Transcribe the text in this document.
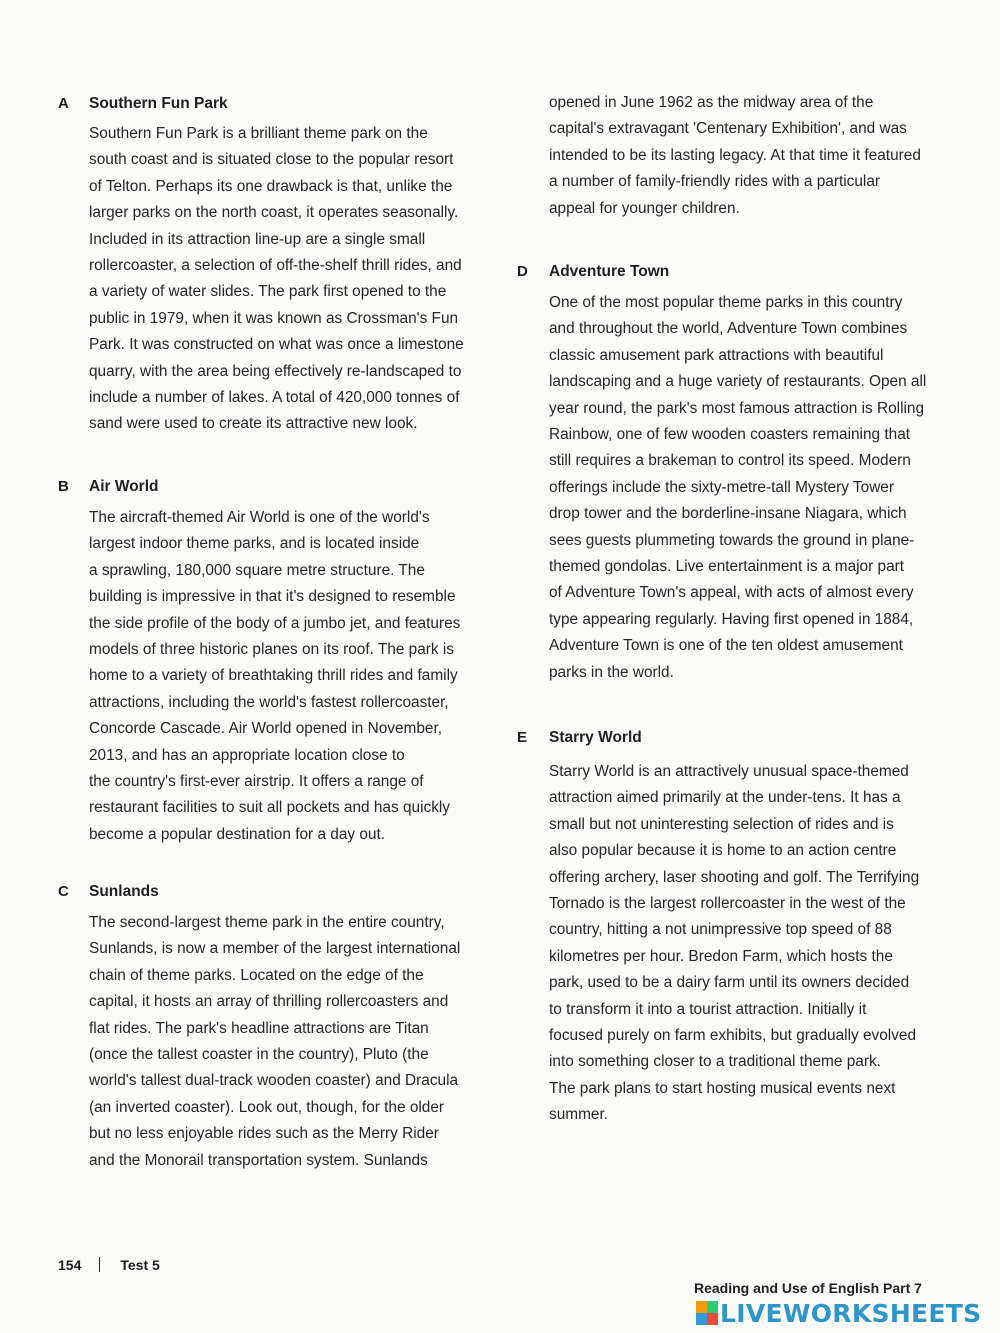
A Southern Fun Park
Southern Fun Park is a brilliant theme park on the
south coast and is situated close to the popular resort
of Telton. Perhaps its one drawback is that, unlike the
larger parks on the north coast, it operates seasonally.
Included in its attraction line-up are a single small
rollercoaster, a selection of off-the-shelf thrill rides, and
a variety of water slides. The park first opened to the
public in 1979, when it was known as Crossman's Fun
Park. It was constructed on what was once a limestone
quarry, with the area being effectively re-landscaped to
include a number of lakes. A total of 420,000 tonnes of
sand were used to create its attractive new look.
B Air World
The aircraft-themed Air World is one of the world's
largest indoor theme parks, and is located inside
a sprawling, 180,000 square metre structure. The
building is impressive in that it's designed to resemble
the side profile of the body of a jumbo jet, and features
models of three historic planes on its roof. The park is
home to a variety of breathtaking thrill rides and family
attractions, including the world's fastest rollercoaster,
Concorde Cascade. Air World opened in November,
2013, and has an appropriate location close to
the country's first-ever airstrip. It offers a range of
restaurant facilities to suit all pockets and has quickly
become a popular destination for a day out.
C Sunlands
The second-largest theme park in the entire country,
Sunlands, is now a member of the largest international
chain of theme parks. Located on the edge of the
capital, it hosts an array of thrilling rollercoasters and
flat rides. The park's headline attractions are Titan
(once the tallest coaster in the country), Pluto (the
world's tallest dual-track wooden coaster) and Dracula
(an inverted coaster). Look out, though, for the older
but no less enjoyable rides such as the Merry Rider
and the Monorail transportation system. Sunlands
opened in June 1962 as the midway area of the
capital's extravagant 'Centenary Exhibition', and was
intended to be its lasting legacy. At that time it featured
a number of family-friendly rides with a particular
appeal for younger children.
D Adventure Town
One of the most popular theme parks in this country
and throughout the world, Adventure Town combines
classic amusement park attractions with beautiful
landscaping and a huge variety of restaurants. Open all
year round, the park's most famous attraction is Rolling
Rainbow, one of few wooden coasters remaining that
still requires a brakeman to control its speed. Modern
offerings include the sixty-metre-tall Mystery Tower
drop tower and the borderline-insane Niagara, which
sees guests plummeting towards the ground in plane-
themed gondolas. Live entertainment is a major part
of Adventure Town's appeal, with acts of almost every
type appearing regularly. Having first opened in 1884,
Adventure Town is one of the ten oldest amusement
parks in the world.
E Starry World
Starry World is an attractively unusual space-themed
attraction aimed primarily at the under-tens. It has a
small but not uninteresting selection of rides and is
also popular because it is home to an action centre
offering archery, laser shooting and golf. The Terrifying
Tornado is the largest rollercoaster in the west of the
country, hitting a not unimpressive top speed of 88
kilometres per hour. Bredon Farm, which hosts the
park, used to be a dairy farm until its owners decided
to transform it into a tourist attraction. Initially it
focused purely on farm exhibits, but gradually evolved
into something closer to a traditional theme park.
The park plans to start hosting musical events next
summer.
154	Test 5
Reading and Use of English Part 7
LIVEWORKSHEETS
